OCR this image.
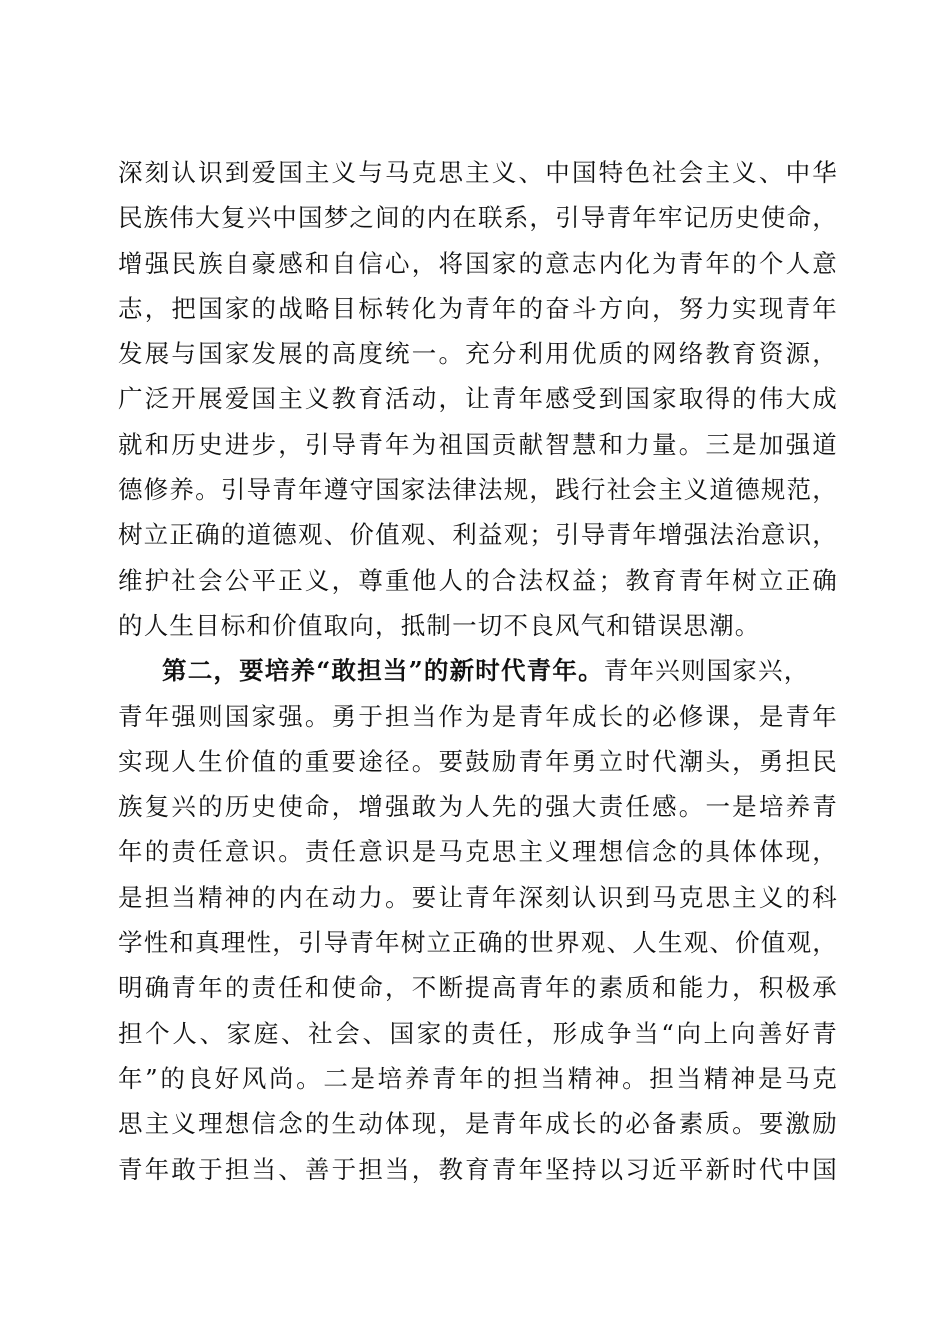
深刻认识到爱国主义与马克思主义、中国特色社会主义、中华
民族伟大复兴中国梦之间的内在联系，引导青年牢记历史使命，
增强民族自豪感和自信心，将国家的意志内化为青年的个人意
志，把国家的战略目标转化为青年的奋斗方向，努力实现青年
发展与国家发展的高度统一。充分利用优质的网络教育资源，
广泛开展爱国主义教育活动，让青年感受到国家取得的伟大成
就和历史进步，引导青年为祖国贡献智慧和力量。三是加强道
德修养。引导青年遵守国家法律法规，践行社会主义道德规范，
树立正确的道德观、价值观、利益观；引导青年增强法治意识，
维护社会公平正义，尊重他人的合法权益；教育青年树立正确
的人生目标和价值取向，抵制一切不良风气和错误思潮。
第二，要培养“敢担当”的新时代青年。青年兴则国家兴，
青年强则国家强。勇于担当作为是青年成长的必修课，是青年
实现人生价值的重要途径。要鼓励青年勇立时代潮头，勇担民
族复兴的历史使命，增强敢为人先的强大责任感。一是培养青
年的责任意识。责任意识是马克思主义理想信念的具体体现，
是担当精神的内在动力。要让青年深刻认识到马克思主义的科
学性和真理性，引导青年树立正确的世界观、人生观、价值观，
明确青年的责任和使命，不断提高青年的素质和能力，积极承
担个人、家庭、社会、国家的责任，形成争当“向上向善好青
年”的良好风尚。二是培养青年的担当精神。担当精神是马克
思主义理想信念的生动体现，是青年成长的必备素质。要激励
青年敢于担当、善于担当，教育青年坚持以习近平新时代中国
